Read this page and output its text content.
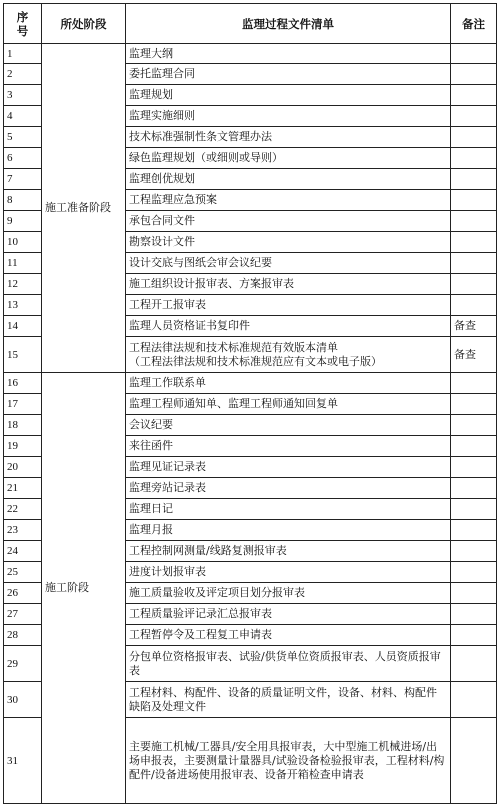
序
号	所处阶段	监理过程文件清单	备注
1	施工准备阶段	监理大纲	

2		委托监理合同	

3		监理规划	

4		监理实施细则	

5		技术标准强制性条文管理办法	

6		绿色监理规划（或细则或导则）	

7		监理创优规划	

8		工程监理应急预案	

9		承包合同文件	

10		勘察设计文件	

11		设计交底与图纸会审会议纪要	

12		施工组织设计报审表、方案报审表	

13		工程开工报审表	

14		监理人员资格证书复印件	备查
15		工程法律法规和技术标准规范有效版本清单
（工程法律法规和技术标准规范应有文本或电子版）	备查
16	施工阶段	监理工作联系单	

17		监理工程师通知单、监理工程师通知回复单	

18		会议纪要	

19		来往函件	

20		监理见证记录表	

21		监理旁站记录表	

22		监理日记	

23		监理月报	

24		工程控制网测量/线路复测报审表	

25		进度计划报审表	

26		施工质量验收及评定项目划分报审表	

27		工程质量验评记录汇总报审表	

28		工程暂停令及工程复工申请表	

29		分包单位资格报审表、试验/供货单位资质报审表、人员资质报审表	

30		工程材料、构配件、设备的质量证明文件，设备、材料、构配件缺陷及处理文件	

31		主要施工机械/工器具/安全用具报审表，大中型施工机械进场/出场申报表，主要测量计量器具/试验设备检验报审表，工程材料/构配件/设备进场使用报审表、设备开箱检查申请表	
